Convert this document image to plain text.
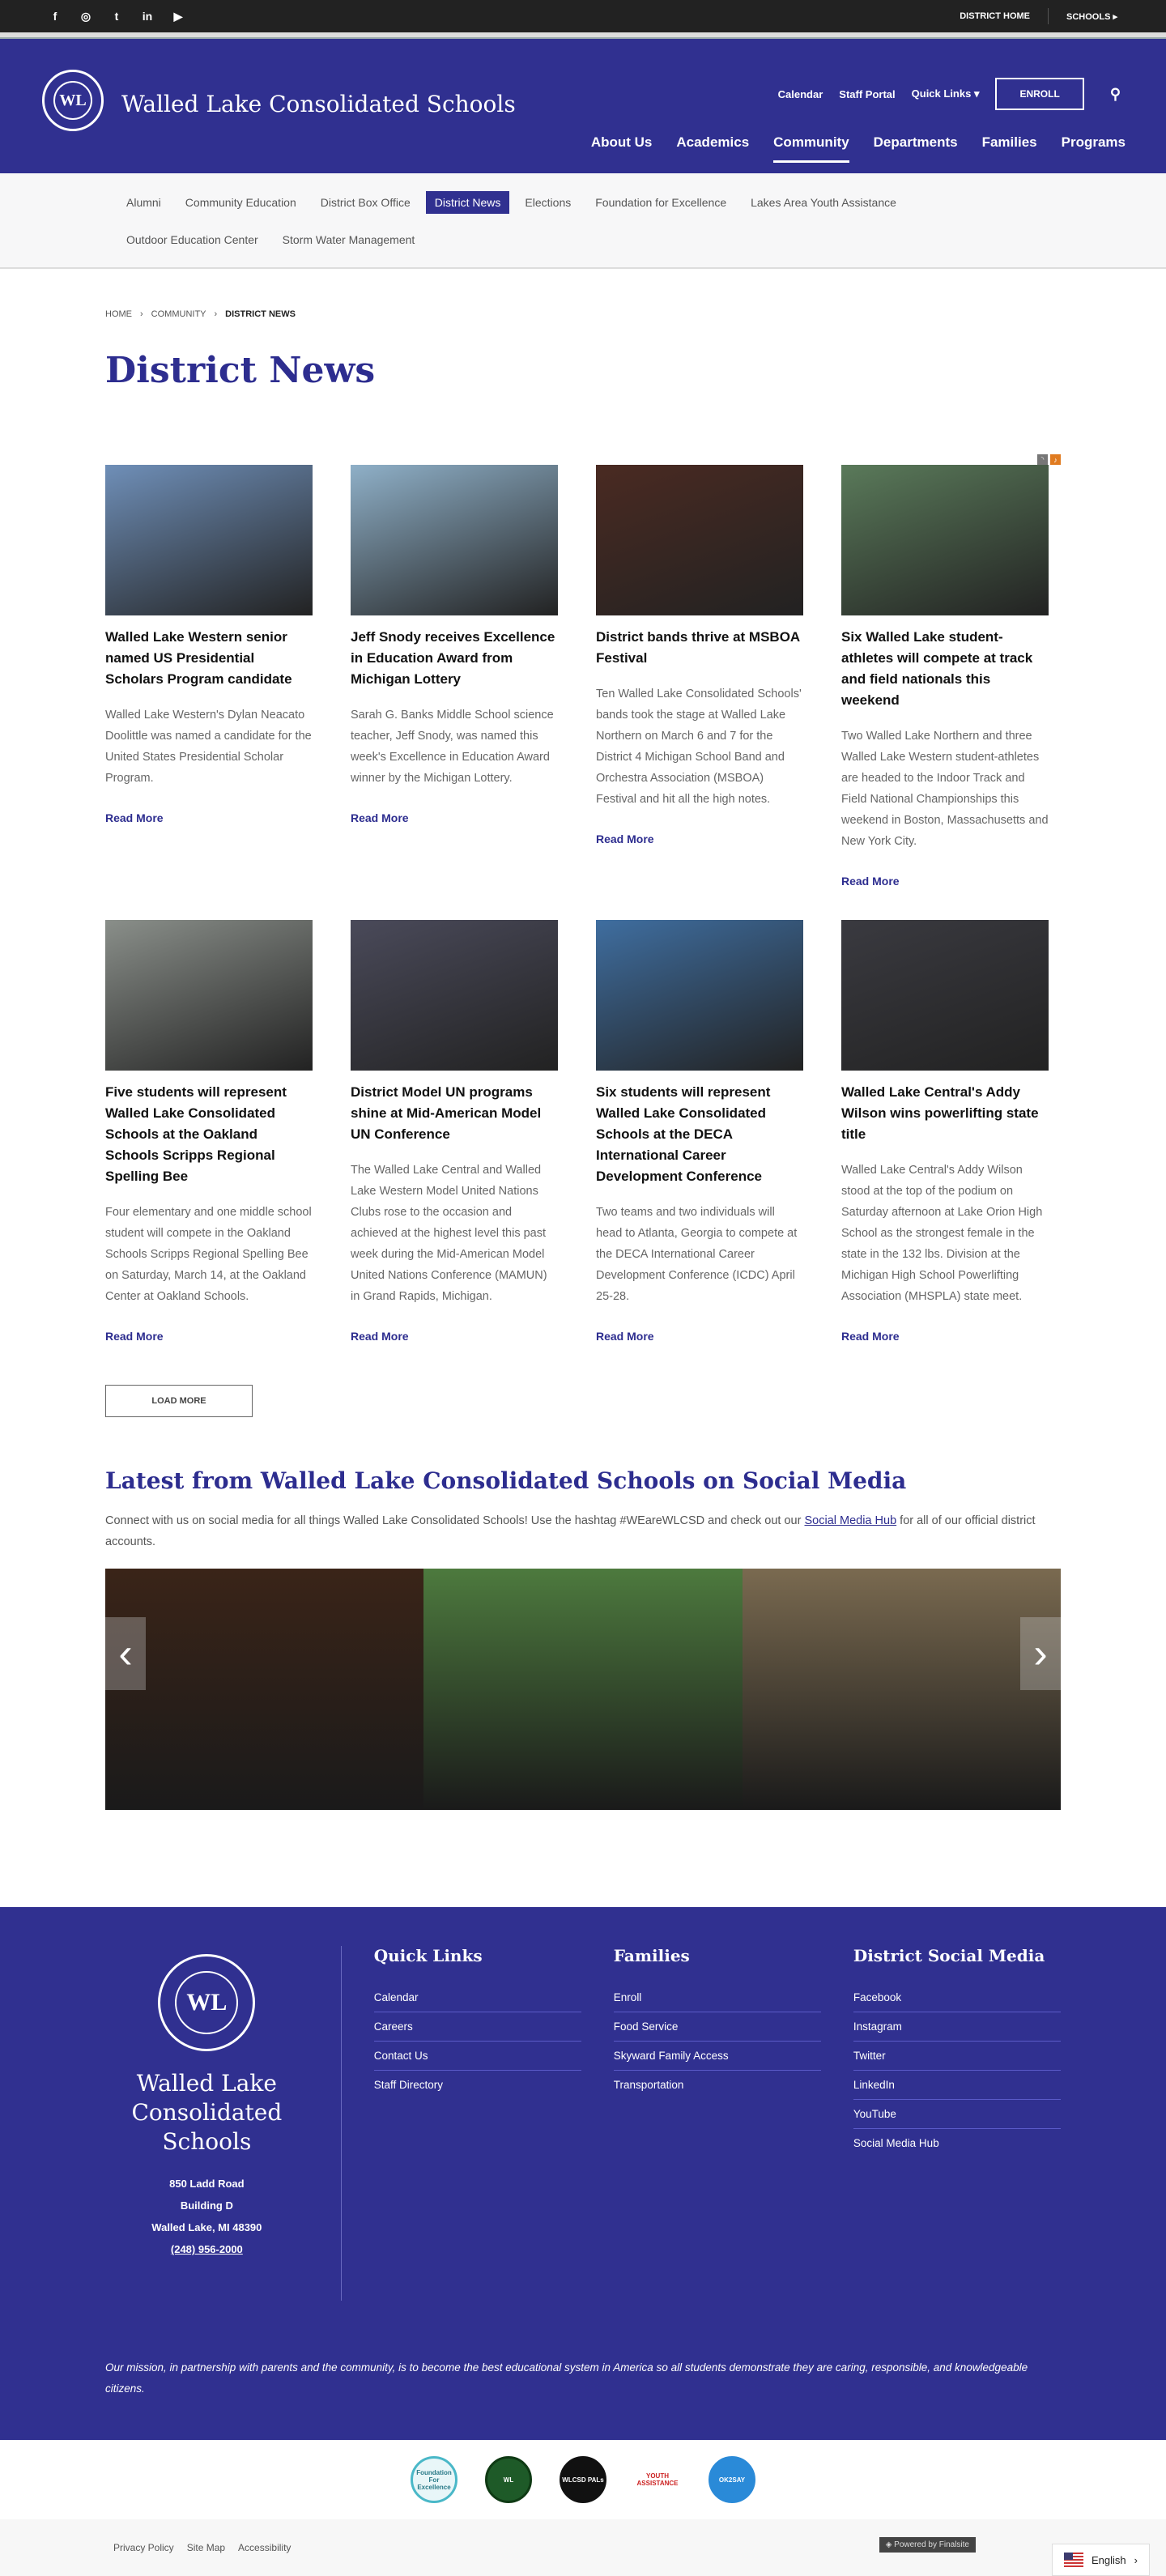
f	◎	t	in ▶	DISTRICT HOME	SCHOOLS ▸
WL Walled Lake Consolidated Schools	Calendar Staff Portal Quick Links ▾	ENROLL	⚲
About Us Academics Community Departments Families Programs
Alumni	Community Education	District Box Office	District News	Elections	Foundation for Excellence	Lakes Area Youth Assistance
Outdoor Education Center	Storm Water Management
HOME › COMMUNITY › DISTRICT NEWS
District News
◝	♪
Walled Lake Western senior named US Presidential Scholars Program candidate

Walled Lake Western's Dylan Neacato Doolittle was named a candidate for the United States Presidential Scholar Program.

Read More
Jeff Snody receives Excellence in Education Award from Michigan Lottery

Sarah G. Banks Middle School science teacher, Jeff Snody, was named this week's Excellence in Education Award winner by the Michigan Lottery.

Read More
District bands thrive at MSBOA Festival

Ten Walled Lake Consolidated Schools' bands took the stage at Walled Lake Northern on March 6 and 7 for the District 4 Michigan School Band and Orchestra Association (MSBOA) Festival and hit all the high notes.

Read More
Six Walled Lake student-athletes will compete at track and field nationals this weekend

Two Walled Lake Northern and three Walled Lake Western student-athletes are headed to the Indoor Track and Field National Championships this weekend in Boston, Massachusetts and New York City.

Read More
Five students will represent Walled Lake Consolidated Schools at the Oakland Schools Scripps Regional Spelling Bee

Four elementary and one middle school student will compete in the Oakland Schools Scripps Regional Spelling Bee on Saturday, March 14, at the Oakland Center at Oakland Schools.

Read More
District Model UN programs shine at Mid-American Model UN Conference

The Walled Lake Central and Walled Lake Western Model United Nations Clubs rose to the occasion and achieved at the highest level this past week during the Mid-American Model United Nations Conference (MAMUN) in Grand Rapids, Michigan.

Read More
Six students will represent Walled Lake Consolidated Schools at the DECA International Career Development Conference

Two teams and two individuals will head to Atlanta, Georgia to compete at the DECA International Career Development Conference (ICDC) April 25-28.

Read More
Walled Lake Central's Addy Wilson wins powerlifting state title

Walled Lake Central's Addy Wilson stood at the top of the podium on Saturday afternoon at Lake Orion High School as the strongest female in the state in the 132 lbs. Division at the Michigan High School Powerlifting Association (MHSPLA) state meet.

Read More
LOAD MORE
Latest from Walled Lake Consolidated Schools on Social Media

Connect with us on social media for all things Walled Lake Consolidated Schools! Use the hashtag #WEareWLCSD and check out our Social Media Hub for all of our official district accounts.

‹	›
WL
Walled Lake Consolidated Schools
850 Ladd Road
Building D
Walled Lake, MI 48390
(248) 956-2000
Quick Links
Calendar
Careers
Contact Us
Staff Directory
Families
Enroll
Food Service
Skyward Family Access
Transportation
District Social Media
Facebook
Instagram
Twitter
LinkedIn
YouTube
Social Media Hub

Our mission, in partnership with parents and the community, is to become the best educational system in America so all students demonstrate they are caring, responsible, and knowledgeable citizens.

Foundation For Excellence
WL	WLCSD PALs	YOUTH ASSISTANCE	OK2SAY
Privacy Policy Site Map Accessibility	◈ Powered by Finalsite
English ›
